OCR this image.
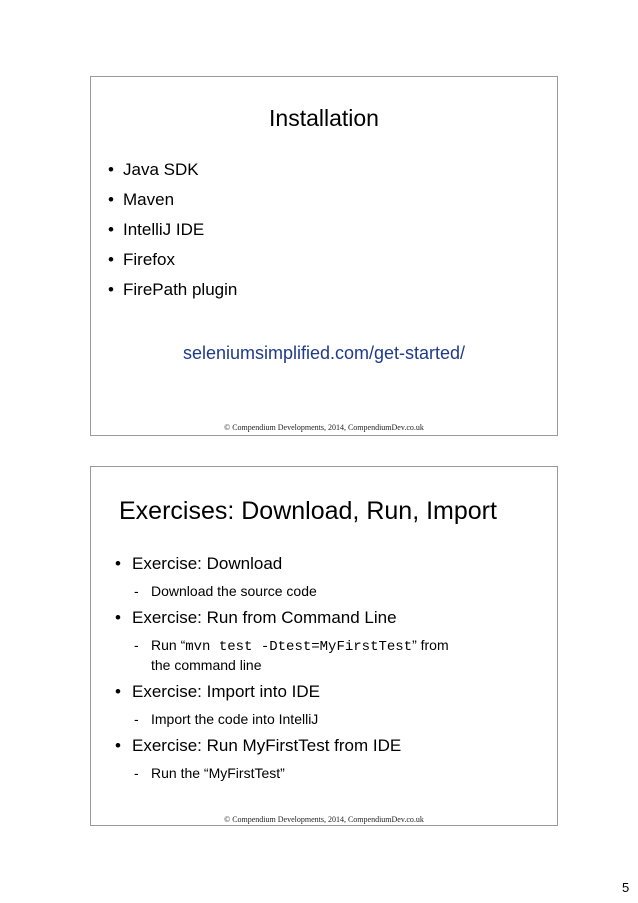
Installation
• Java SDK
• Maven
• IntelliJ IDE
• Firefox
• FirePath plugin
seleniumsimplified.com/get-started/
© Compendium Developments, 2014, CompendiumDev.co.uk
Exercises: Download, Run, Import
• Exercise: Download
- Download the source code
• Exercise: Run from Command Line
- Run “mvn test -Dtest=MyFirstTest” from
the command line
• Exercise: Import into IDE
- Import the code into IntelliJ
• Exercise: Run MyFirstTest from IDE
- Run the “MyFirstTest”
© Compendium Developments, 2014, CompendiumDev.co.uk
5
